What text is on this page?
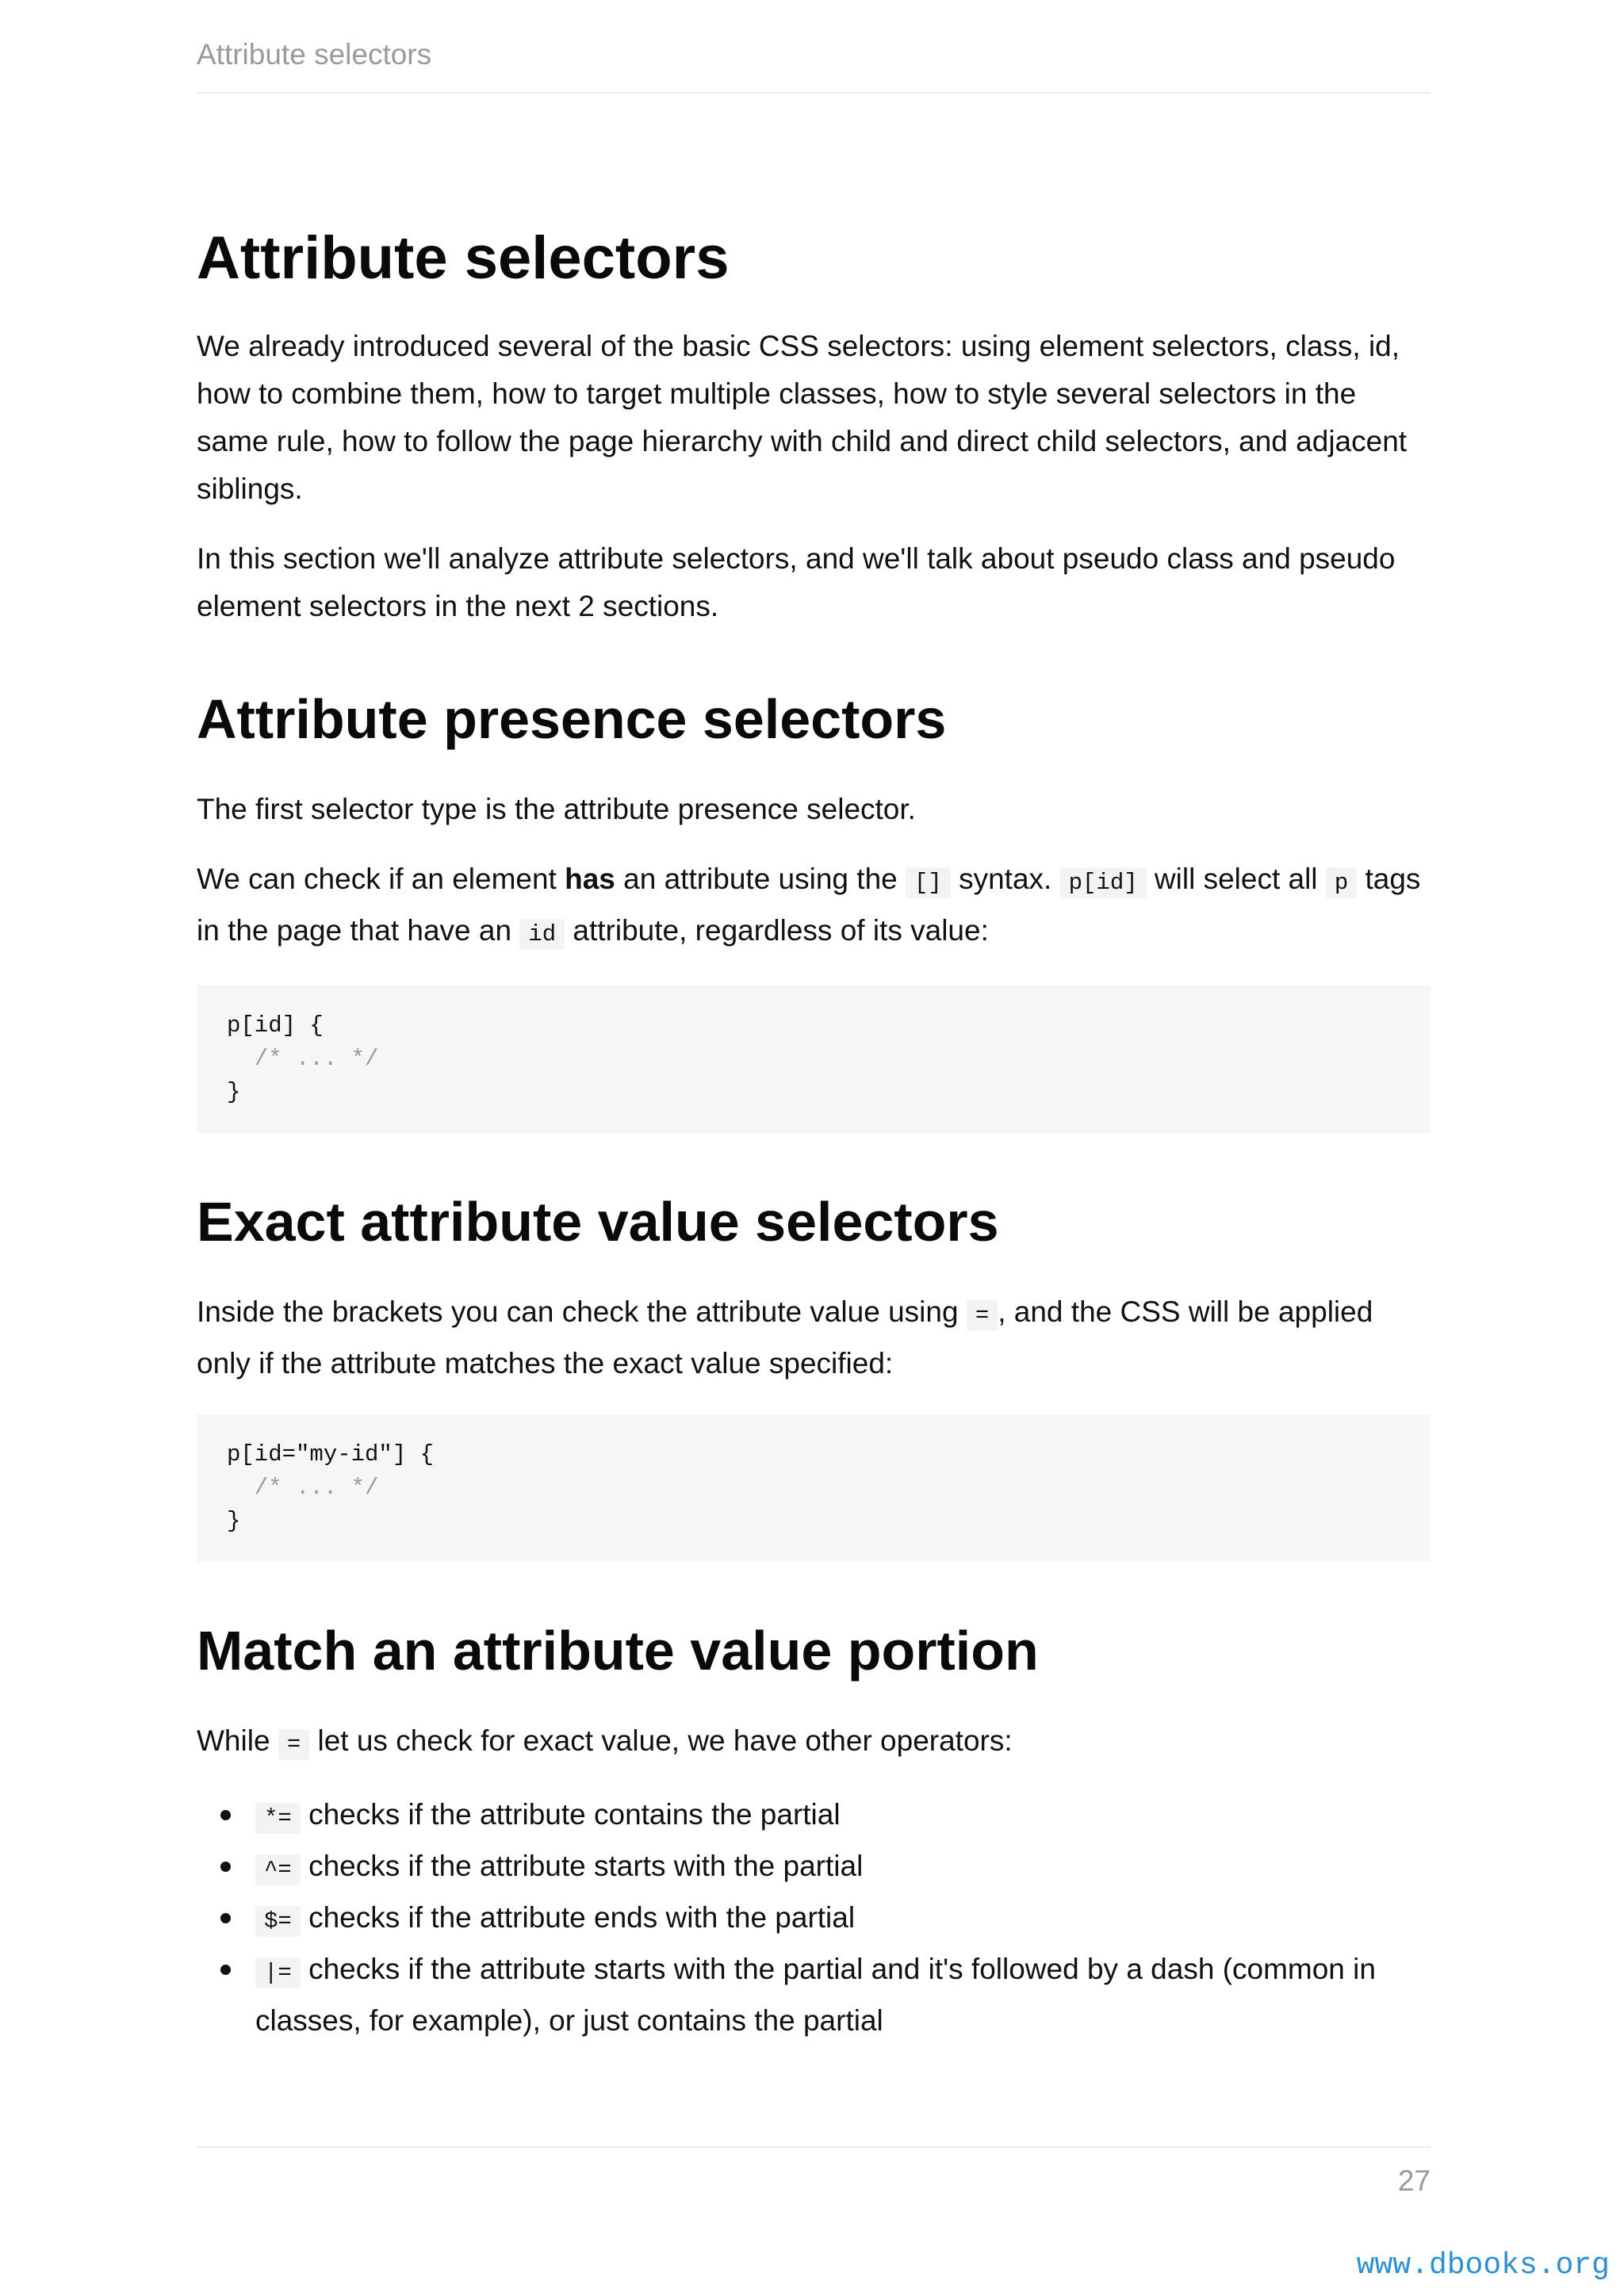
Attribute selectors
Attribute selectors

We already introduced several of the basic CSS selectors: using element selectors, class, id, how to combine them, how to target multiple classes, how to style several selectors in the same rule, how to follow the page hierarchy with child and direct child selectors, and adjacent siblings.

In this section we'll analyze attribute selectors, and we'll talk about pseudo class and pseudo element selectors in the next 2 sections.

Attribute presence selectors

The first selector type is the attribute presence selector.

We can check if an element has an attribute using the [] syntax. p[id] will select all p tags in the page that have an id attribute, regardless of its value:

p[id] {
/* ... */
}
Exact attribute value selectors

Inside the brackets you can check the attribute value using = , and the CSS will be applied only if the attribute matches the exact value specified:

p[id="my-id"] {
/* ... */
}
Match an attribute value portion

While = let us check for exact value, we have other operators:

*= checks if the attribute contains the partial
^= checks if the attribute starts with the partial
$= checks if the attribute ends with the partial
|= checks if the attribute starts with the partial and it's followed by a dash (common in classes, for example), or just contains the partial
27
www.dbooks.org
